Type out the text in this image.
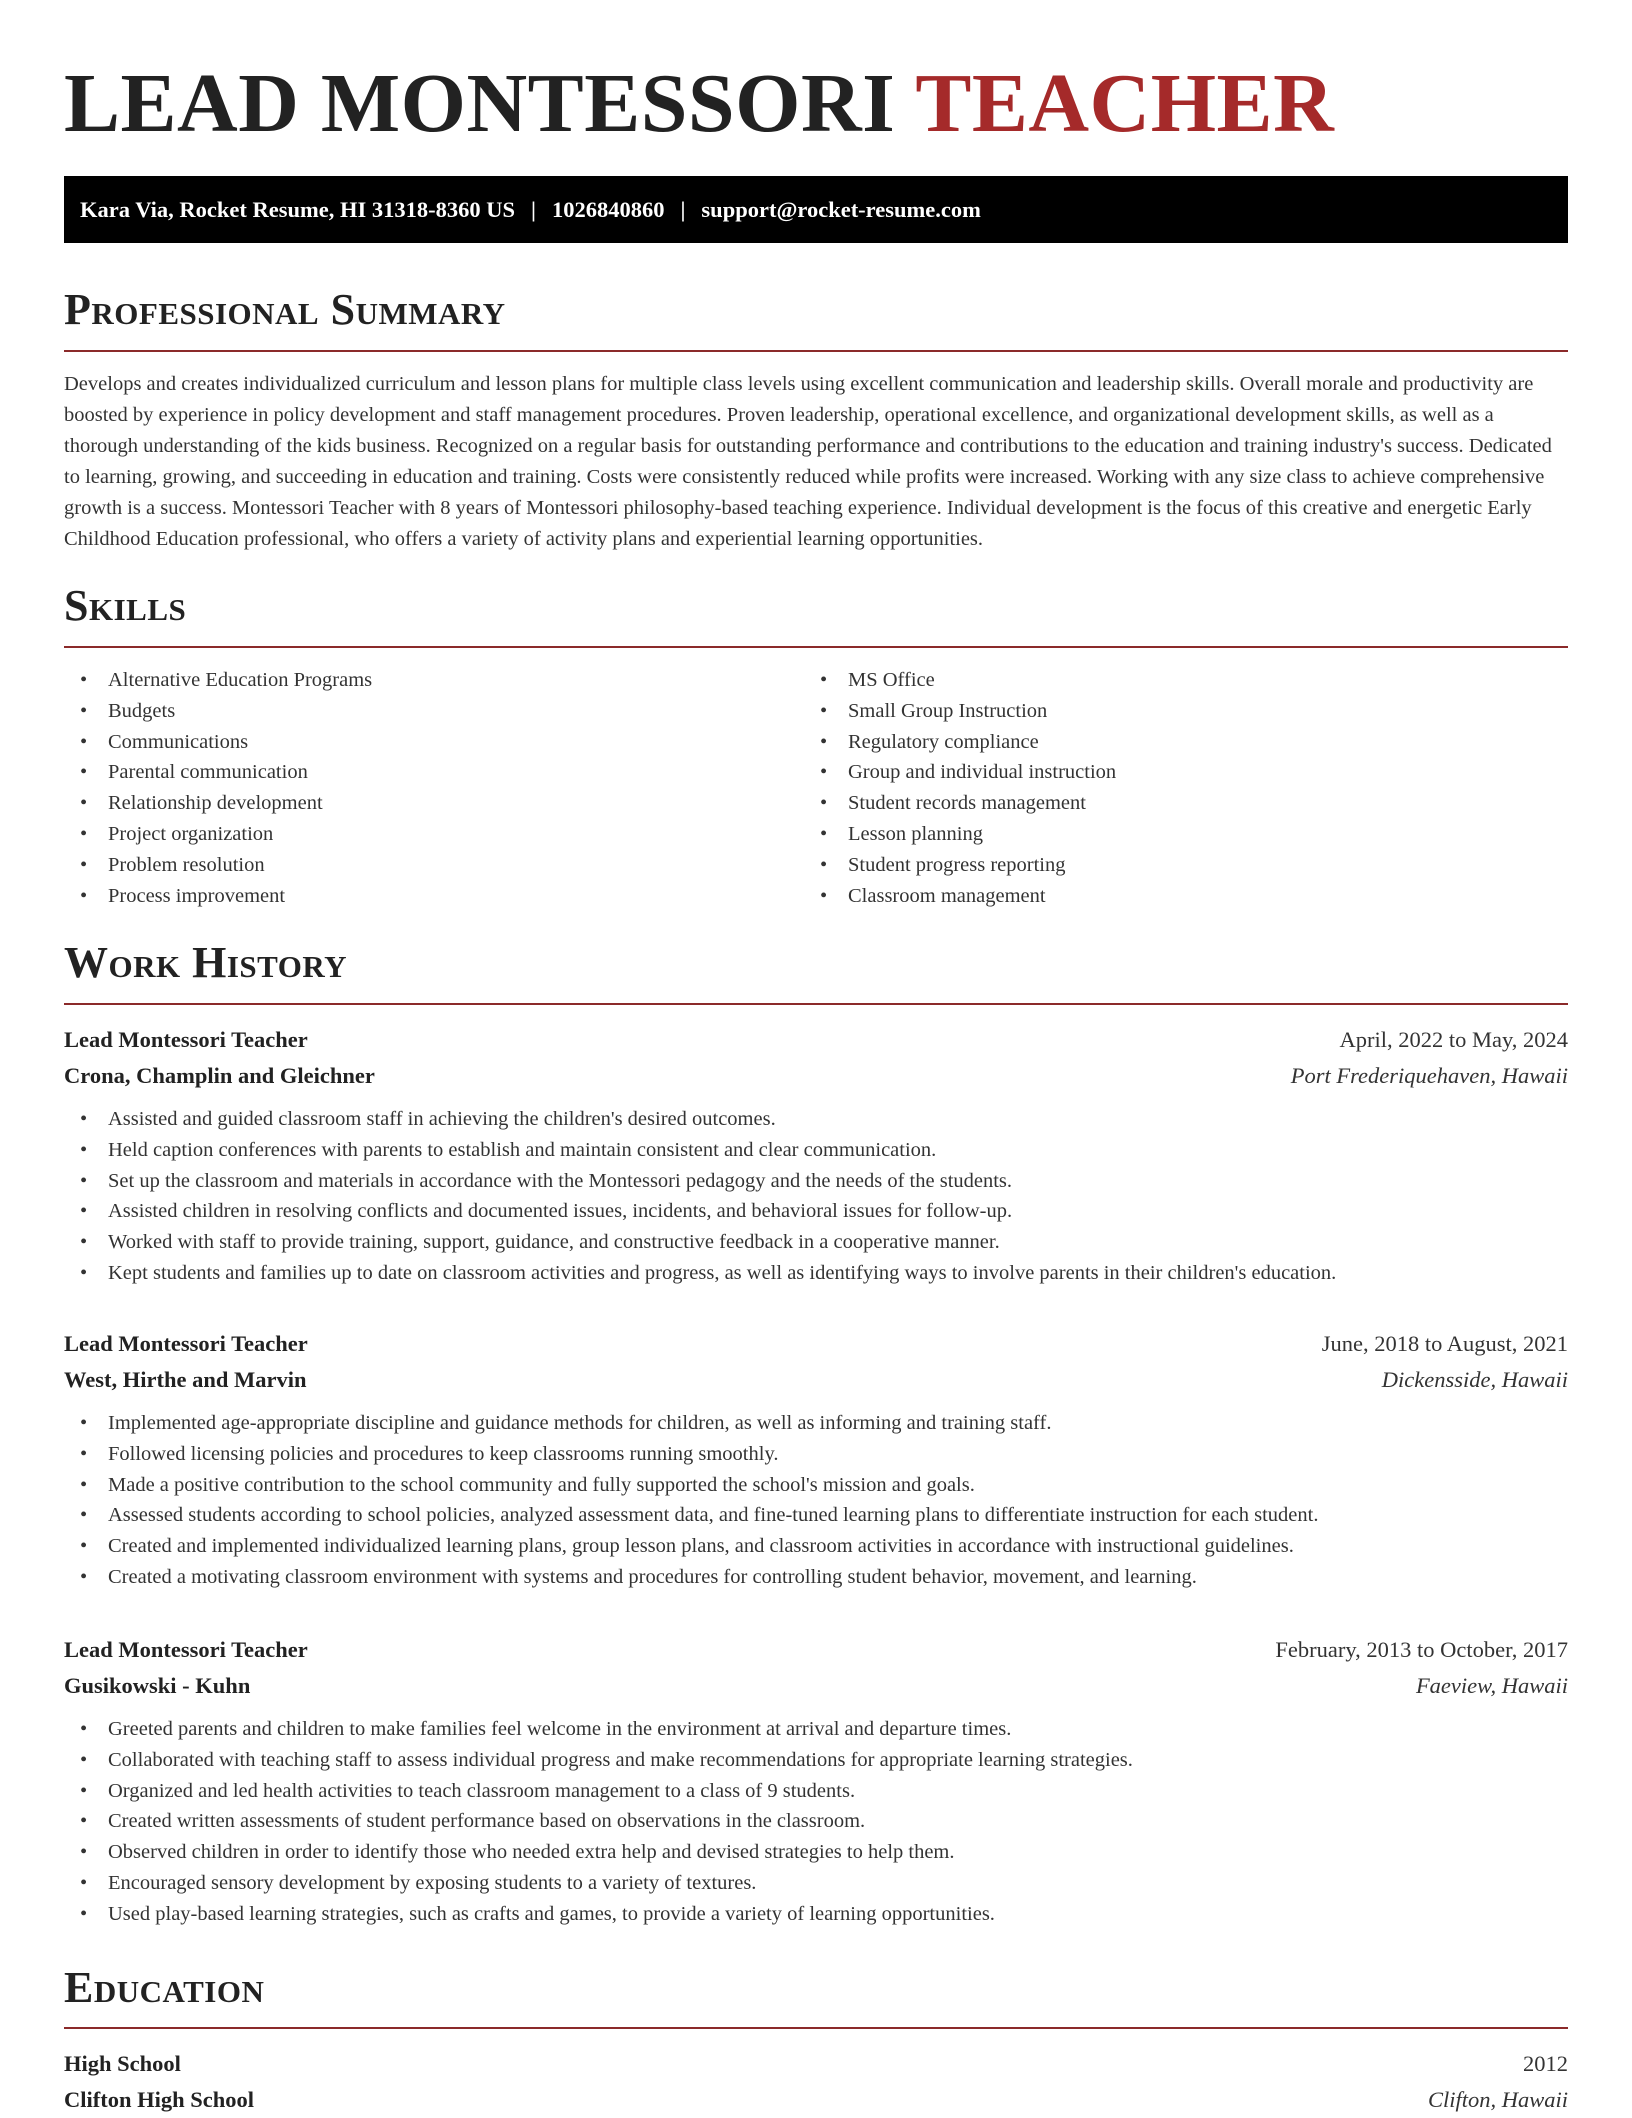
LEAD MONTESSORI TEACHER
Kara Via, Rocket Resume, HI 31318-8360 US | 1026840860 | support@rocket-resume.com
Professional Summary

Develops and creates individualized curriculum and lesson plans for multiple class levels using excellent communication and leadership skills. Overall morale and productivity are boosted by experience in policy development and staff management procedures. Proven leadership, operational excellence, and organizational development skills, as well as a thorough understanding of the kids business. Recognized on a regular basis for outstanding performance and contributions to the education and training industry's success. Dedicated to learning, growing, and succeeding in education and training. Costs were consistently reduced while profits were increased. Working with any size class to achieve comprehensive growth is a success. Montessori Teacher with 8 years of Montessori philosophy-based teaching experience. Individual development is the focus of this creative and energetic Early Childhood Education professional, who offers a variety of activity plans and experiential learning opportunities.

Skills
• Alternative Education Programs
• Budgets
• Communications
• Parental communication
• Relationship development
• Project organization
• Problem resolution
• Process improvement
• MS Office
• Small Group Instruction
• Regulatory compliance
• Group and individual instruction
• Student records management
• Lesson planning
• Student progress reporting
• Classroom management
Work History
Lead Montessori Teacher	April, 2022 to May, 2024
Crona, Champlin and Gleichner	Port Frederiquehaven, Hawaii
• Assisted and guided classroom staff in achieving the children's desired outcomes.
• Held caption conferences with parents to establish and maintain consistent and clear communication.
• Set up the classroom and materials in accordance with the Montessori pedagogy and the needs of the students.
• Assisted children in resolving conflicts and documented issues, incidents, and behavioral issues for follow-up.
• Worked with staff to provide training, support, guidance, and constructive feedback in a cooperative manner.
• Kept students and families up to date on classroom activities and progress, as well as identifying ways to involve parents in their children's education.
Lead Montessori Teacher	June, 2018 to August, 2021
West, Hirthe and Marvin	Dickensside, Hawaii
• Implemented age-appropriate discipline and guidance methods for children, as well as informing and training staff.
• Followed licensing policies and procedures to keep classrooms running smoothly.
• Made a positive contribution to the school community and fully supported the school's mission and goals.
• Assessed students according to school policies, analyzed assessment data, and fine-tuned learning plans to differentiate instruction for each student.
• Created and implemented individualized learning plans, group lesson plans, and classroom activities in accordance with instructional guidelines.
• Created a motivating classroom environment with systems and procedures for controlling student behavior, movement, and learning.
Lead Montessori Teacher	February, 2013 to October, 2017
Gusikowski - Kuhn	Faeview, Hawaii
• Greeted parents and children to make families feel welcome in the environment at arrival and departure times.
• Collaborated with teaching staff to assess individual progress and make recommendations for appropriate learning strategies.
• Organized and led health activities to teach classroom management to a class of 9 students.
• Created written assessments of student performance based on observations in the classroom.
• Observed children in order to identify those who needed extra help and devised strategies to help them.
• Encouraged sensory development by exposing students to a variety of textures.
• Used play-based learning strategies, such as crafts and games, to provide a variety of learning opportunities.
Education
High School	2012
Clifton High School	Clifton, Hawaii
